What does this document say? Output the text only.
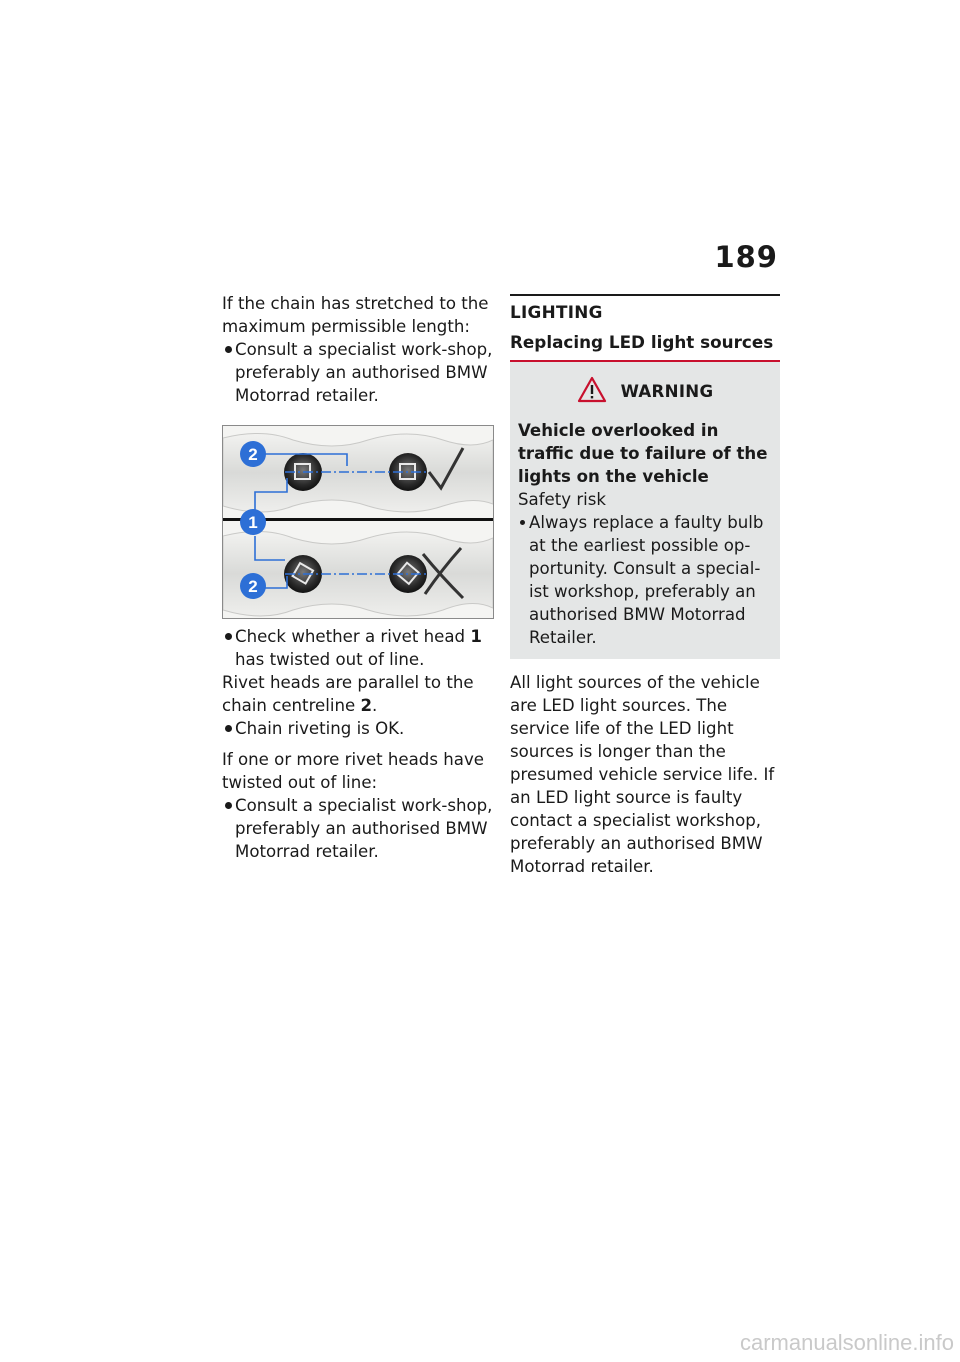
189

If the chain has stretched to the maximum permissible length:

Consult a specialist work-shop, preferably an authorised BMW Motorrad retailer.
2
1
2
Check whether a rivet head 1 has twisted out of line.

Rivet heads are parallel to the chain centreline 2.

Chain riveting is OK.

If one or more rivet heads have twisted out of line:

Consult a specialist work-shop, preferably an authorised BMW Motorrad retailer.
LIGHTING
Replacing LED light sources
WARNING
Vehicle overlooked in traffic due to failure of the lights on the vehicle
Safety risk
Always replace a faulty bulb at the earliest possible op-portunity. Consult a special-ist workshop, preferably an authorised BMW Motorrad Retailer.

All light sources of the vehicle are LED light sources. The service life of the LED light sources is longer than the presumed vehicle service life. If an LED light source is faulty contact a specialist workshop, preferably an authorised BMW Motorrad retailer.

carmanualsonline.info
